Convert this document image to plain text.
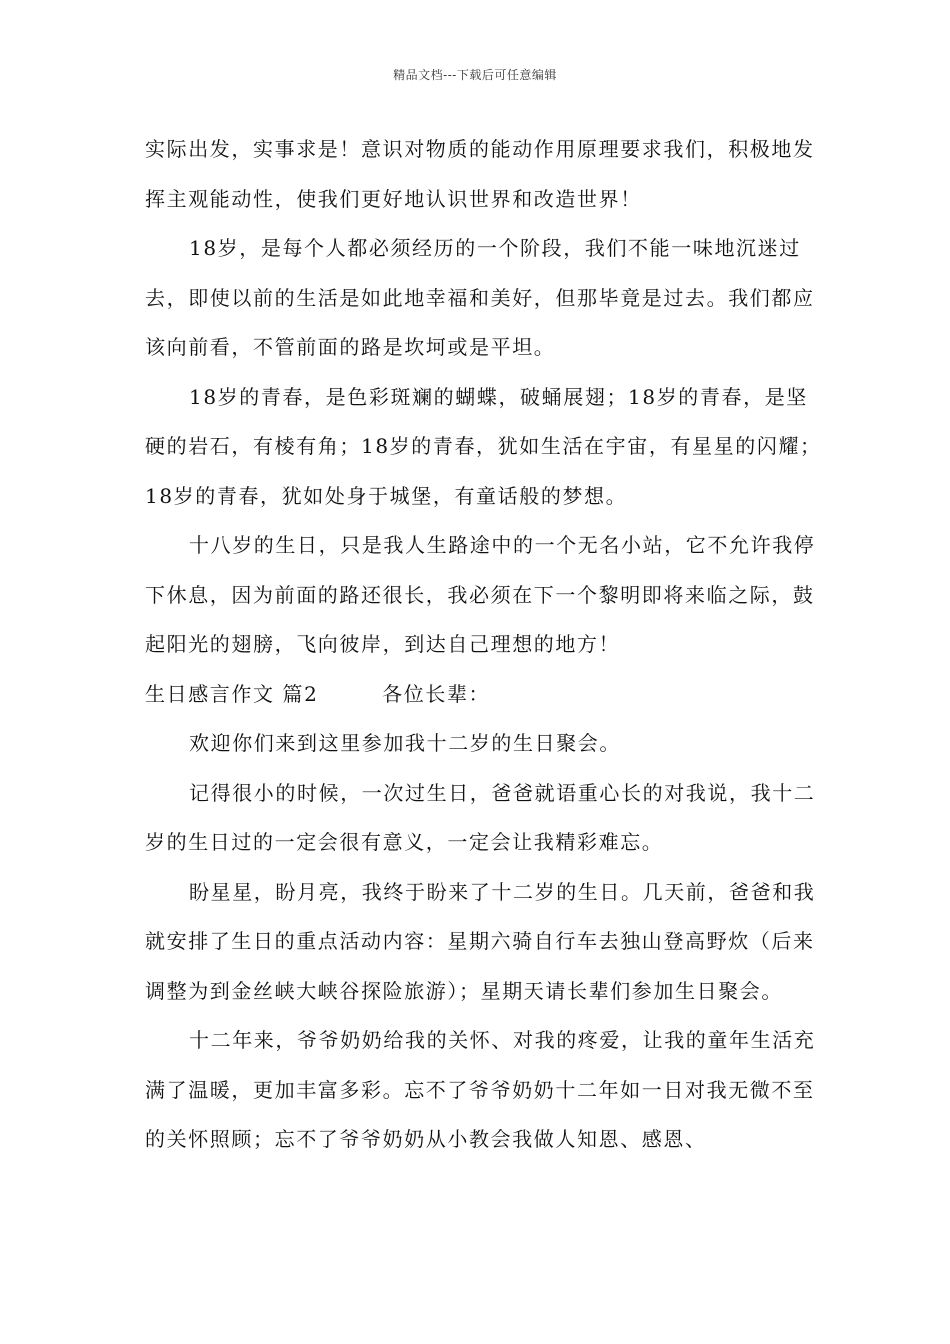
精品文档---下载后可任意编辑

实际出发，实事求是！意识对物质的能动作用原理要求我们，积极地发挥主观能动性，使我们更好地认识世界和改造世界！

18岁，是每个人都必须经历的一个阶段，我们不能一味地沉迷过去，即使以前的生活是如此地幸福和美好，但那毕竟是过去。我们都应该向前看，不管前面的路是坎坷或是平坦。

18岁的青春，是色彩斑斓的蝴蝶，破蛹展翅；18岁的青春，是坚硬的岩石，有棱有角；18岁的青春，犹如生活在宇宙，有星星的闪耀；18岁的青春，犹如处身于城堡，有童话般的梦想。

十八岁的生日，只是我人生路途中的一个无名小站，它不允许我停下休息，因为前面的路还很长，我必须在下一个黎明即将来临之际，鼓起阳光的翅膀，飞向彼岸，到达自己理想的地方！

生日感言作文 篇2	各位长辈：

欢迎你们来到这里参加我十二岁的生日聚会。

记得很小的时候，一次过生日，爸爸就语重心长的对我说，我十二岁的生日过的一定会很有意义，一定会让我精彩难忘。

盼星星，盼月亮，我终于盼来了十二岁的生日。几天前，爸爸和我就安排了生日的重点活动内容：星期六骑自行车去独山登高野炊（后来调整为到金丝峡大峡谷探险旅游）；星期天请长辈们参加生日聚会。

十二年来，爷爷奶奶给我的关怀、对我的疼爱，让我的童年生活充满了温暖，更加丰富多彩。忘不了爷爷奶奶十二年如一日对我无微不至的关怀照顾；忘不了爷爷奶奶从小教会我做人知恩、感恩、
